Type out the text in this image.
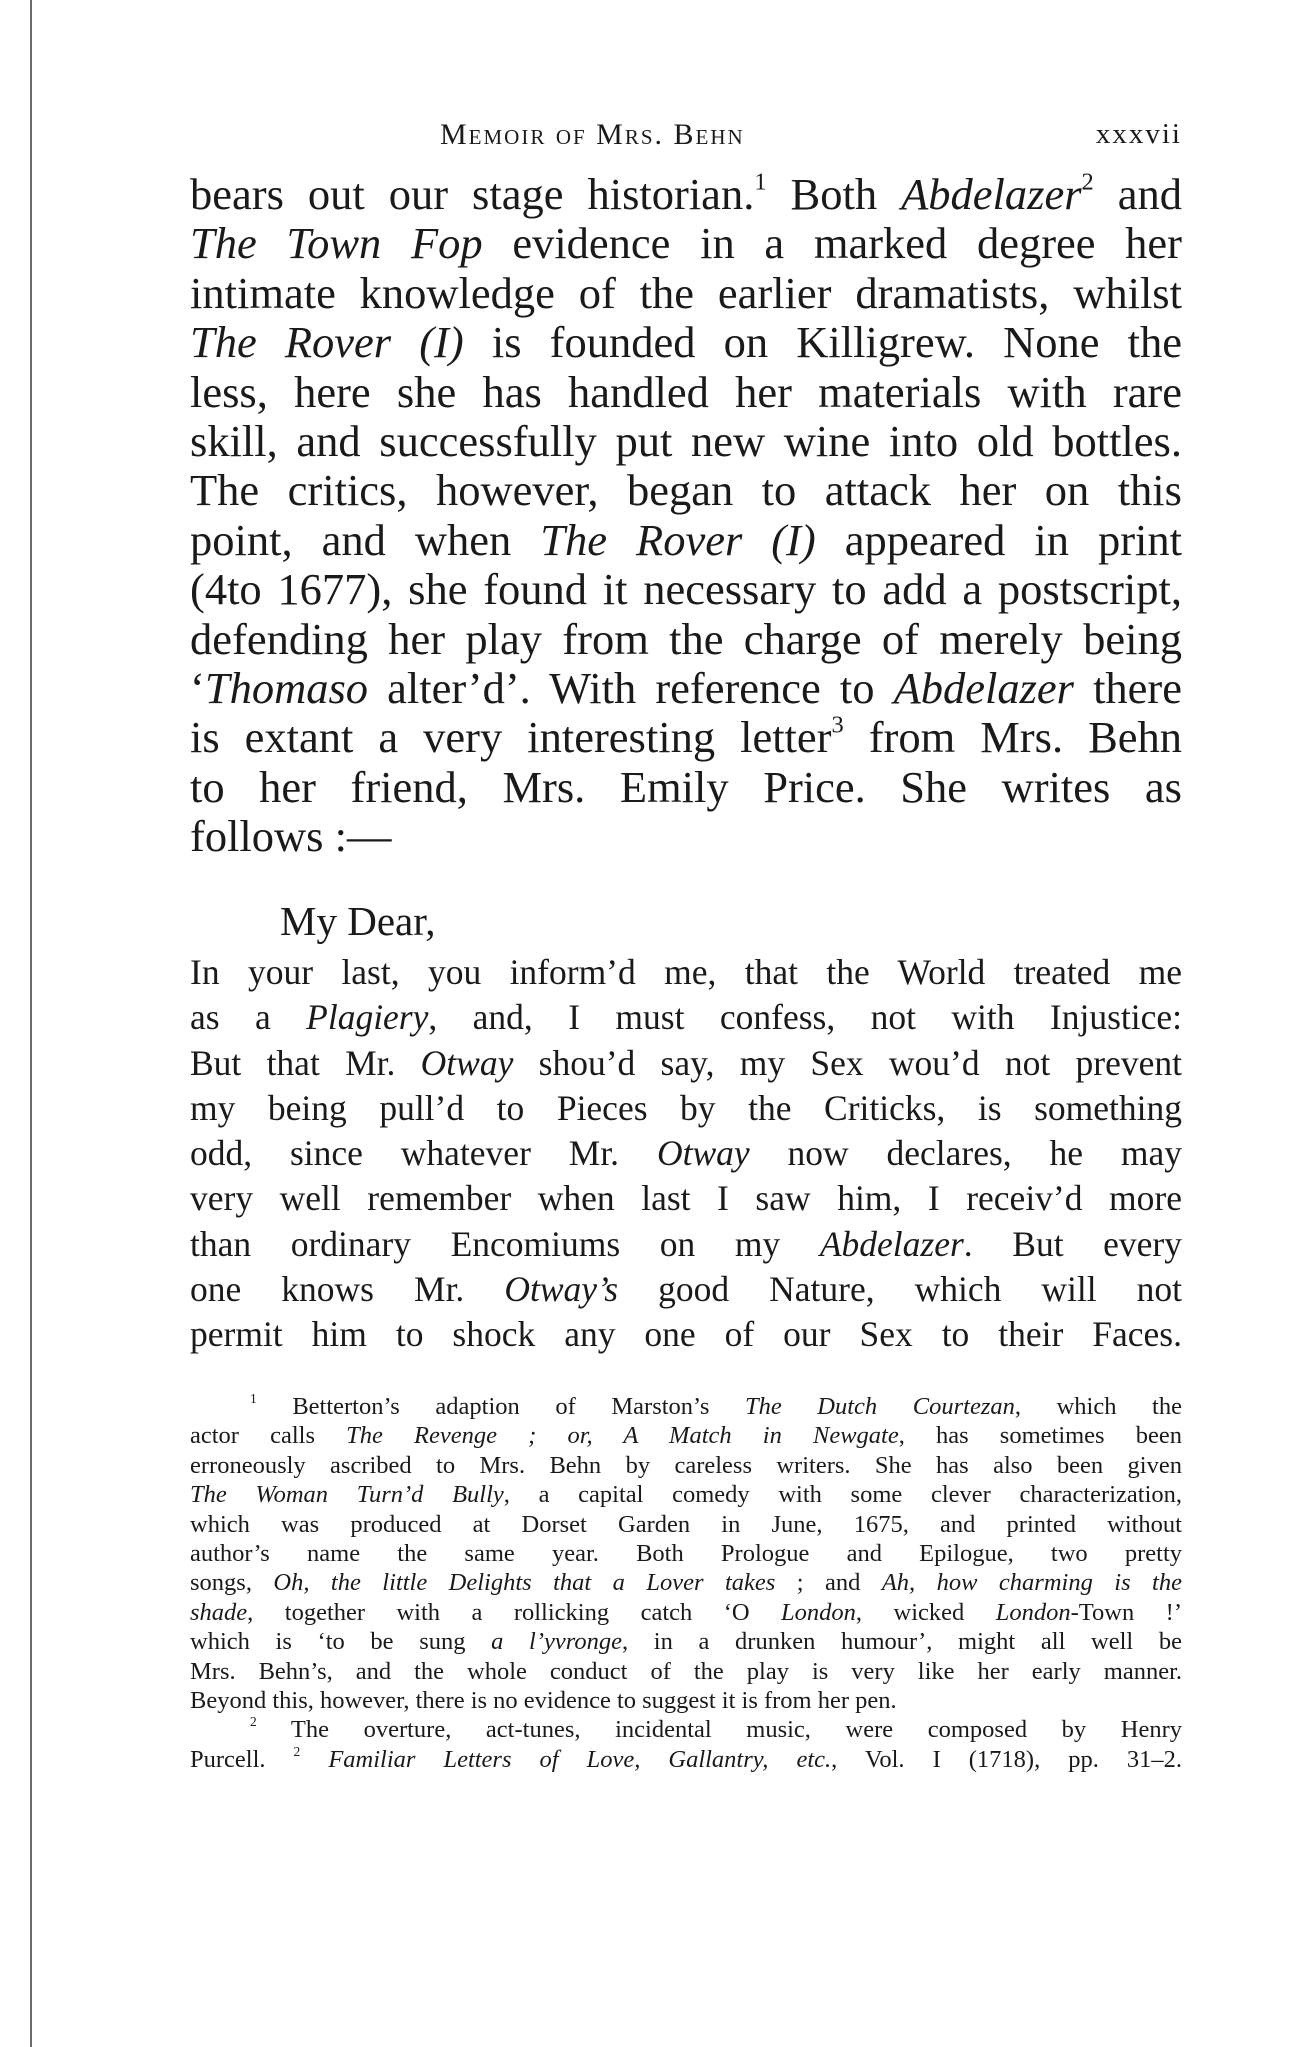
Memoir of Mrs. Behn	xxxvii
bears out our stage historian.$^1$ Both Abdelazer$^2$ and
The Town Fop evidence in a marked degree her
intimate knowledge of the earlier dramatists, whilst
The Rover (I) is founded on Killigrew. None the
less, here she has handled her materials with rare
skill, and successfully put new wine into old bottles.
The critics, however, began to attack her on this
point, and when The Rover (I) appeared in print
(4to 1677), she found it necessary to add a postscript,
defending her play from the charge of merely being
‘Thomaso alter’d’. With reference to Abdelazer there
is extant a very interesting letter$^3$ from Mrs. Behn
to her friend, Mrs. Emily Price. She writes as
follows :—
My Dear,
In your last, you inform’d me, that the World treated me
as a Plagiery, and, I must confess, not with Injustice:
But that Mr. Otway shou’d say, my Sex wou’d not prevent
my being pull’d to Pieces by the Criticks, is something
odd, since whatever Mr. Otway now declares, he may
very well remember when last I saw him, I receiv’d more
than ordinary Encomiums on my Abdelazer. But every
one knows Mr. Otway’s good Nature, which will not
permit him to shock any one of our Sex to their Faces.
$^1$ Betterton’s adaption of Marston’s The Dutch Courtezan, which the
actor calls The Revenge ; or, A Match in Newgate, has sometimes been
erroneously ascribed to Mrs. Behn by careless writers. She has also been given
The Woman Turn’d Bully, a capital comedy with some clever characterization,
which was produced at Dorset Garden in June, 1675, and printed without
author’s name the same year. Both Prologue and Epilogue, two pretty
songs, Oh, the little Delights that a Lover takes ; and Ah, how charming is the
shade, together with a rollicking catch ‘O London, wicked London-Town !’
which is ‘to be sung a l’yvronge, in a drunken humour’, might all well be
Mrs. Behn’s, and the whole conduct of the play is very like her early manner.
Beyond this, however, there is no evidence to suggest it is from her pen.
$^2$ The overture, act-tunes, incidental music, were composed by Henry
Purcell. $^2$ Familiar Letters of Love, Gallantry, etc., Vol. I (1718), pp. 31–2.
